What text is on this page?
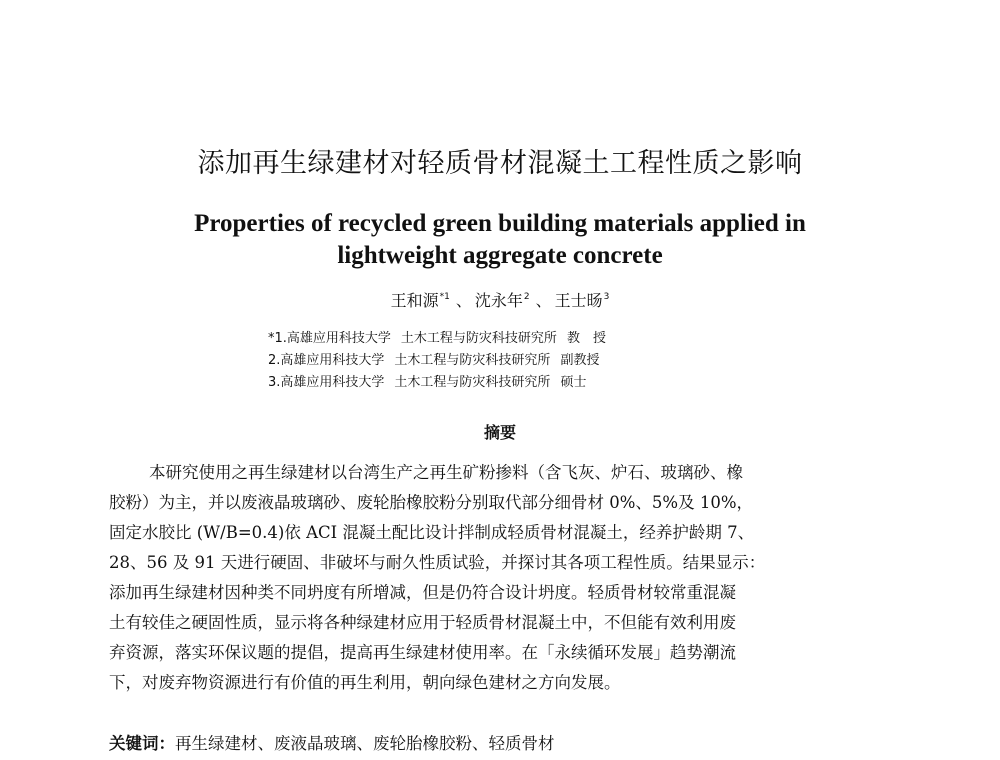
添加再生绿建材对轻质骨材混凝土工程性质之影响
Properties of recycled green building materials applied in
lightweight aggregate concrete
王和源$^{*1}$ 、 沈永年$^2$ 、 王士旸$^3$
*1.高雄应用科技大学 土木工程与防灾科技研究所 教　授
2.高雄应用科技大学 土木工程与防灾科技研究所 副教授
3.高雄应用科技大学 土木工程与防灾科技研究所 硕士
摘要
本研究使用之再生绿建材以台湾生产之再生矿粉掺料（含飞灰、炉石、玻璃砂、橡
胶粉）为主，并以废液晶玻璃砂、废轮胎橡胶粉分别取代部分细骨材 0%、5%及 10%，
固定水胶比 (W/B=0.4)依 ACI 混凝土配比设计拌制成轻质骨材混凝土，经养护龄期 7、
28、56 及 91 天进行硬固、非破坏与耐久性质试验，并探讨其各项工程性质。结果显示：
添加再生绿建材因种类不同坍度有所增减，但是仍符合设计坍度。轻质骨材较常重混凝
土有较佳之硬固性质，显示将各种绿建材应用于轻质骨材混凝土中，不但能有效利用废
弃资源，落实环保议题的提倡，提高再生绿建材使用率。在「永续循环发展」趋势潮流
下，对废弃物资源进行有价值的再生利用，朝向绿色建材之方向发展。
关键词：再生绿建材、废液晶玻璃、废轮胎橡胶粉、轻质骨材
